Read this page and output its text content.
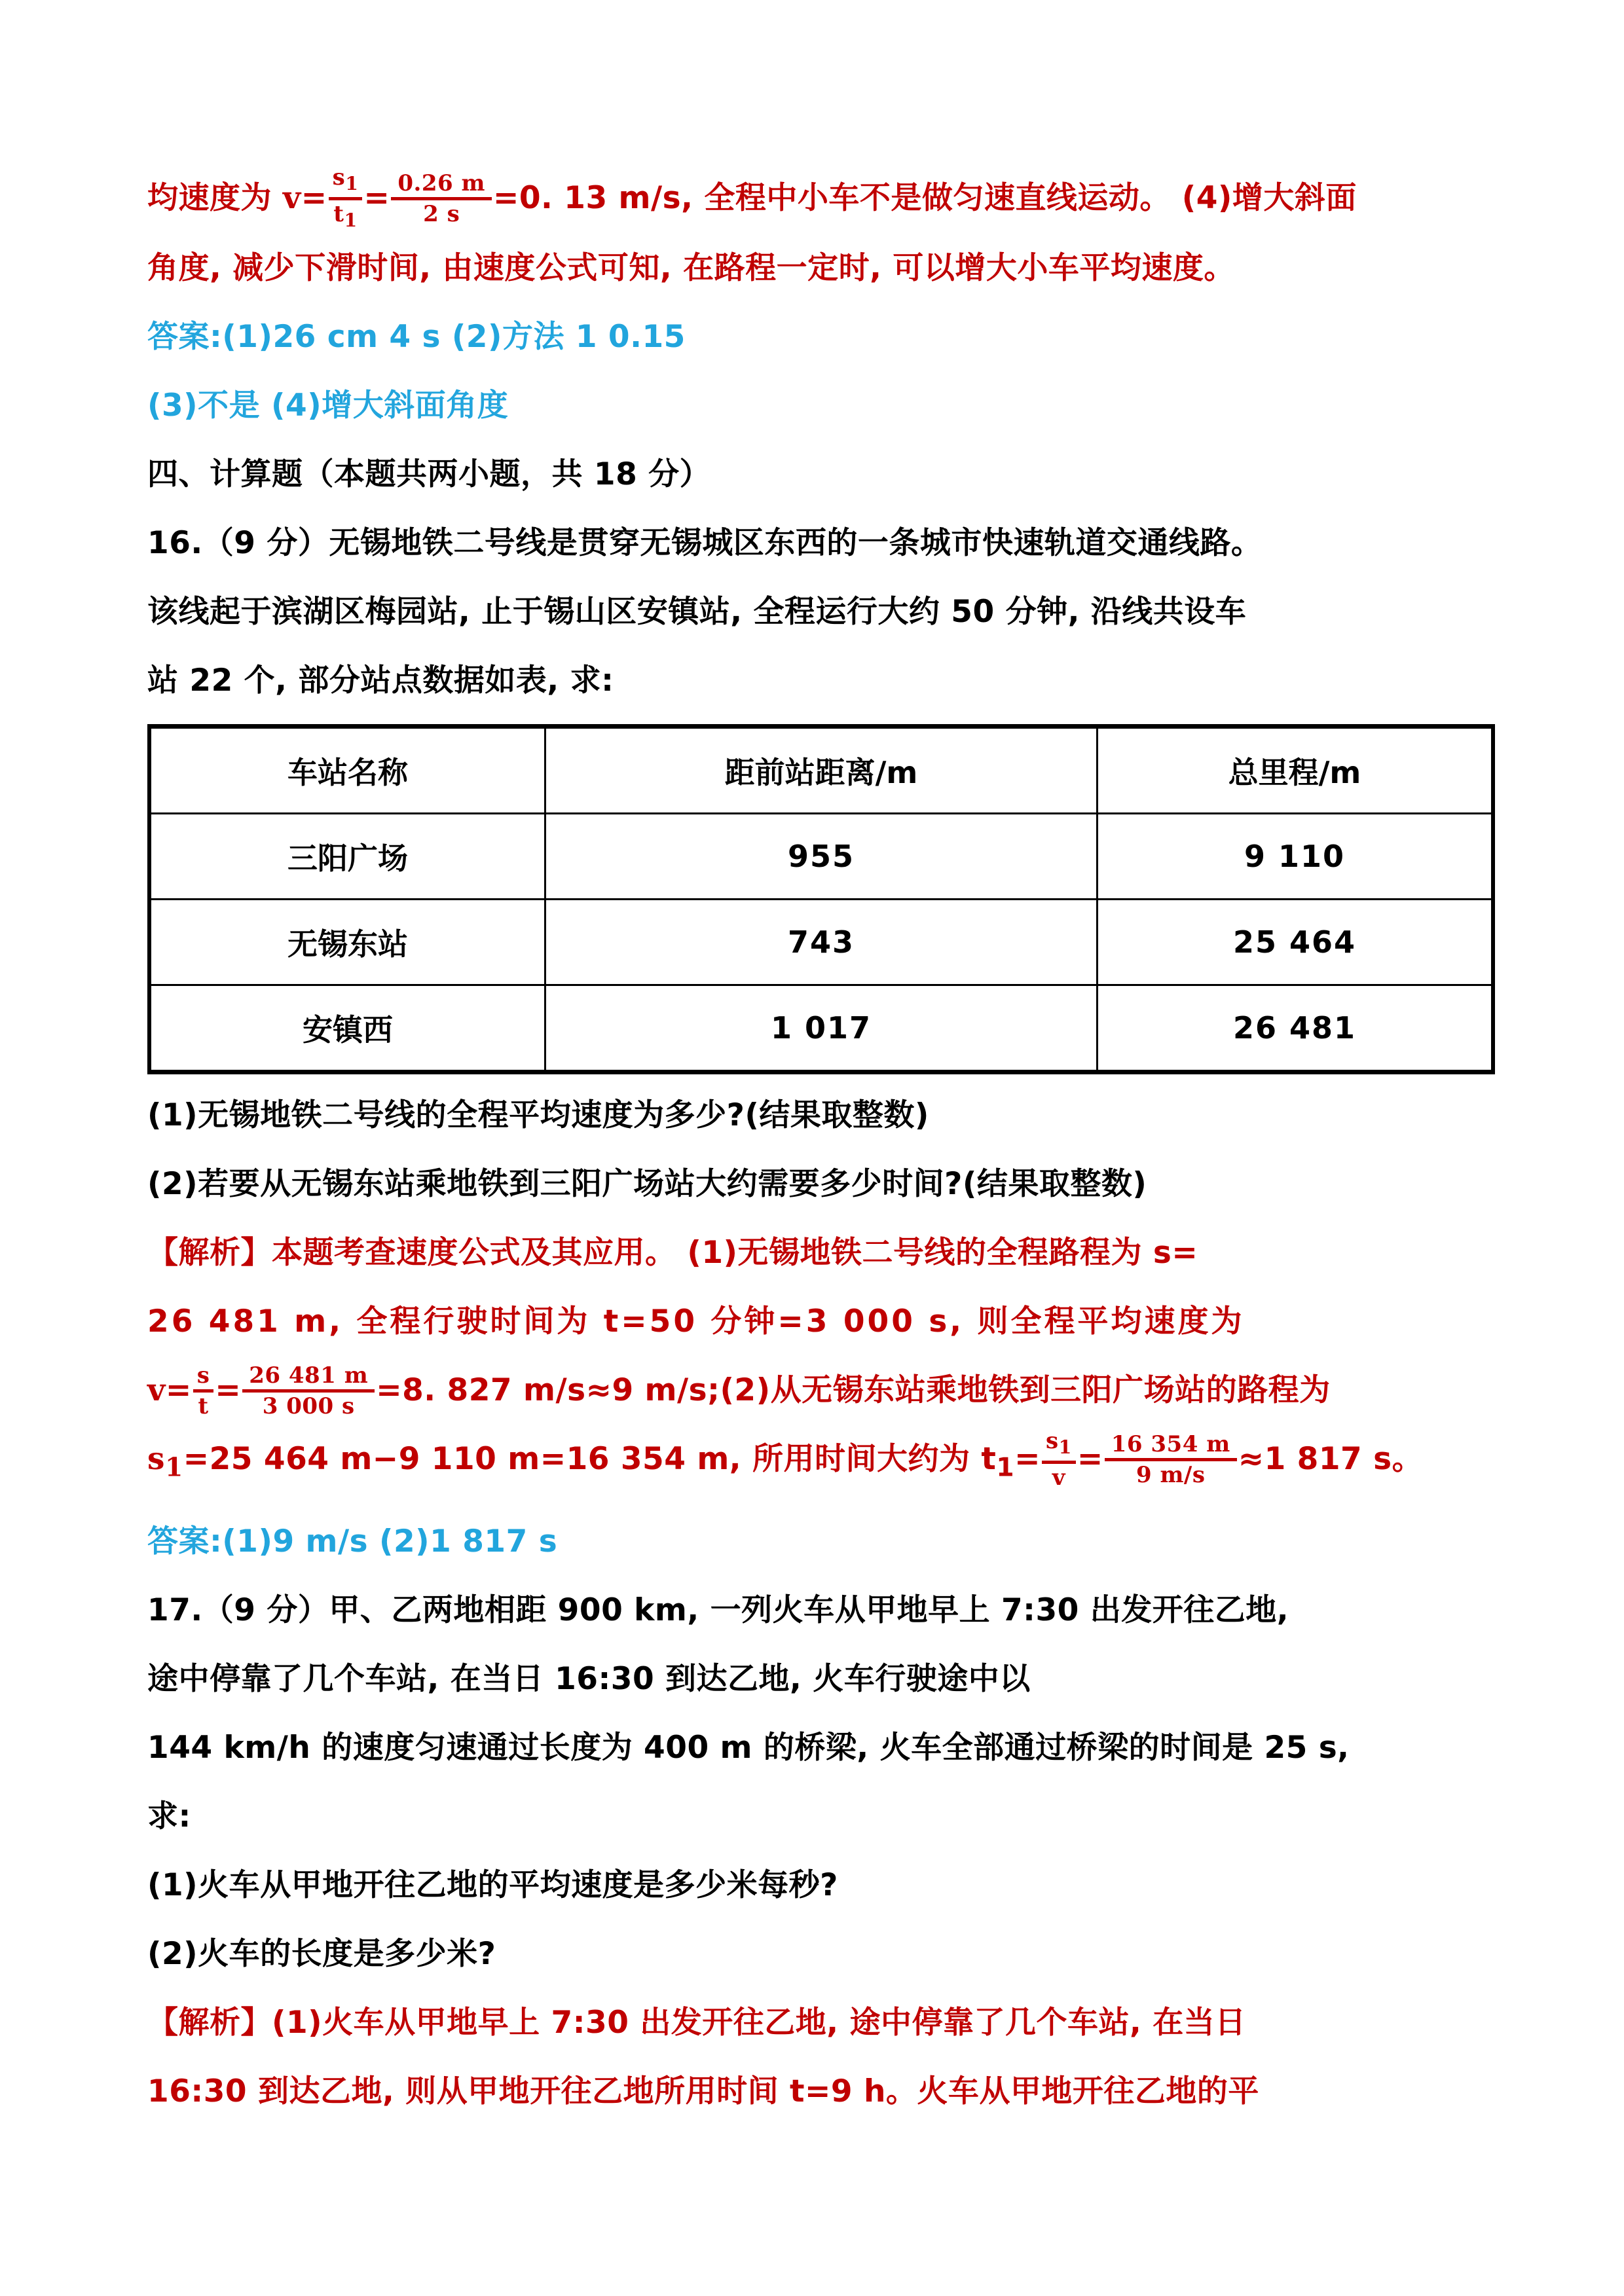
均速度为 v=
$s_1$
$t_1$
= 0.26 m
2 s =0. 13 m/s, 全程中小车不是做匀速直线运动。 (4)增大斜面
角度, 减少下滑时间, 由速度公式可知, 在路程一定时, 可以增大小车平均速度。
答案:(1)26 cm 4 s (2)方法 1 0.15
(3)不是 (4)增大斜面角度
四、计算题（本题共两小题，共 18 分）
16.（9 分）无锡地铁二号线是贯穿无锡城区东西的一条城市快速轨道交通线路。
该线起于滨湖区梅园站, 止于锡山区安镇站, 全程运行大约 50 分钟, 沿线共设车
站 22 个, 部分站点数据如表, 求:
车站名称	距前站距离/m	总里程/m
三阳广场	955	9 110
无锡东站	743	25 464
安镇西	1 017	26 481
(1)无锡地铁二号线的全程平均速度为多少?(结果取整数)
(2)若要从无锡东站乘地铁到三阳广场站大约需要多少时间?(结果取整数)
【解析】本题考查速度公式及其应用。 (1)无锡地铁二号线的全程路程为 s=
26 481 m, 全程行驶时间为 t=50 分钟=3 000 s, 则全程平均速度为
v= s
t = 26 481 m
3 000 s =8. 827 m/s≈9 m/s;(2)从无锡东站乘地铁到三阳广场站的路程为
$s_1=25$ 464 m−9 110 m=16 354 m, 所用时间大约为 $t_1= s_1$
v
= 16 354 m
9 m/s ≈1 817 s。
答案:(1)9 m/s (2)1 817 s
17.（9 分）甲、乙两地相距 900 km, 一列火车从甲地早上 7:30 出发开往乙地,
途中停靠了几个车站, 在当日 16:30 到达乙地, 火车行驶途中以
144 km/h 的速度匀速通过长度为 400 m 的桥梁, 火车全部通过桥梁的时间是 25 s,
求:
(1)火车从甲地开往乙地的平均速度是多少米每秒?
(2)火车的长度是多少米?
【解析】(1)火车从甲地早上 7:30 出发开往乙地, 途中停靠了几个车站, 在当日
16:30 到达乙地, 则从甲地开往乙地所用时间 t=9 h。火车从甲地开往乙地的平
